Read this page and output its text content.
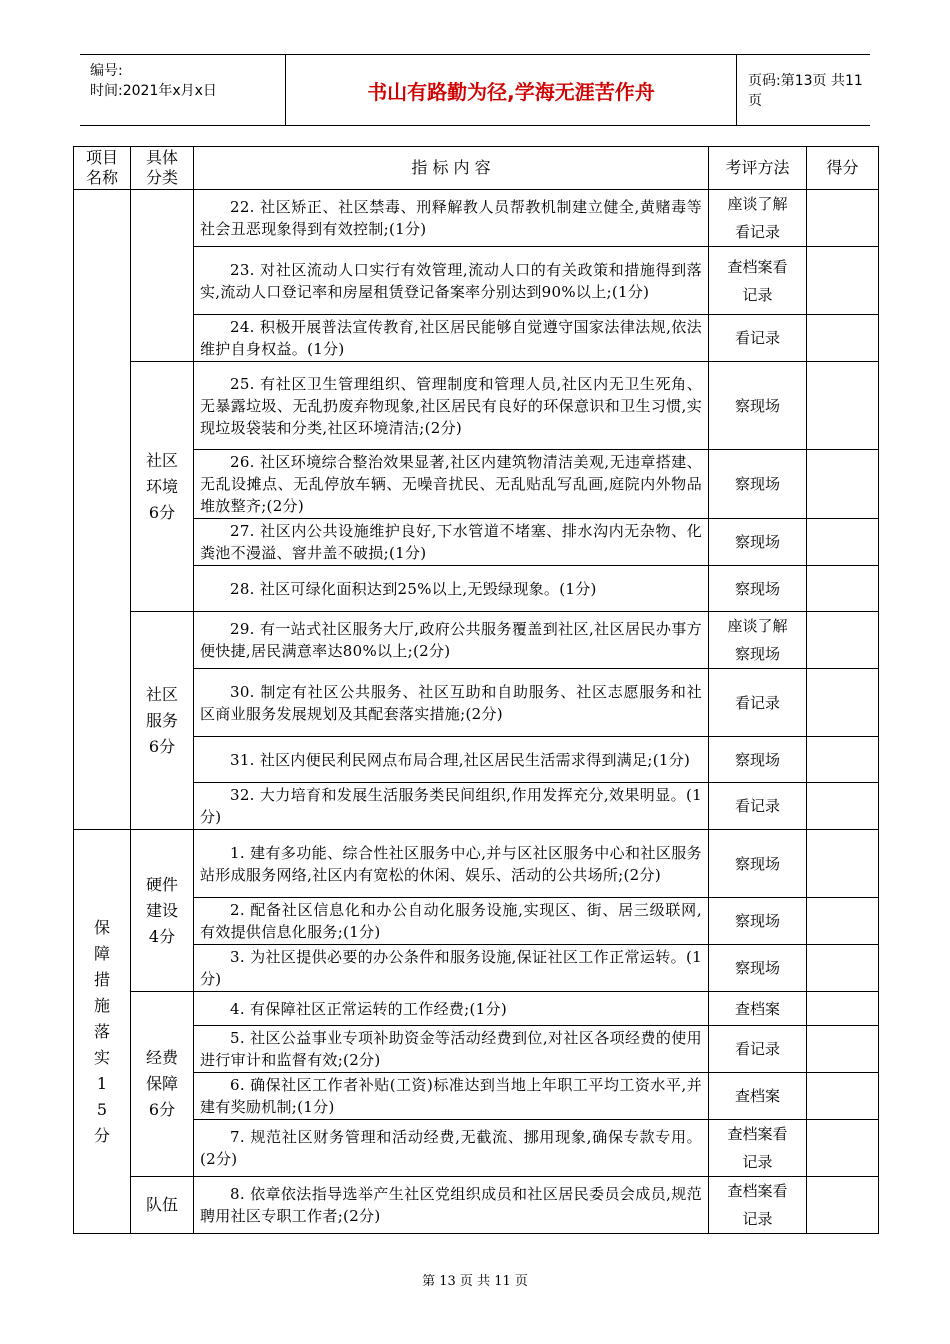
编号:
时间:2021年x月x日	书山有路勤为径,学海无涯苦作舟	页码:第13页 共11页
项目名称	具体分类	指 标 内 容	考评方法	得分
		22. 社区矫正、社区禁毒、刑释解教人员帮教机制建立健全,黄赌毒等社会丑恶现象得到有效控制;(1分)	座谈了解看记录	
		23. 对社区流动人口实行有效管理,流动人口的有关政策和措施得到落实,流动人口登记率和房屋租赁登记备案率分别达到90%以上;(1分)	查档案看记录	
		24. 积极开展普法宣传教育,社区居民能够自觉遵守国家法律法规,依法维护自身权益。(1分)	看记录	
	社区环境6分	25. 有社区卫生管理组织、管理制度和管理人员,社区内无卫生死角、无暴露垃圾、无乱扔废弃物现象,社区居民有良好的环保意识和卫生习惯,实现垃圾袋装和分类,社区环境清洁;(2分)	察现场	
		26. 社区环境综合整治效果显著,社区内建筑物清洁美观,无违章搭建、无乱设摊点、无乱停放车辆、无噪音扰民、无乱贴乱写乱画,庭院内外物品堆放整齐;(2分)	察现场	
		27. 社区内公共设施维护良好,下水管道不堵塞、排水沟内无杂物、化粪池不漫溢、窨井盖不破损;(1分)	察现场	
		28. 社区可绿化面积达到25%以上,无毁绿现象。(1分)	察现场	
	社区服务6分	29. 有一站式社区服务大厅,政府公共服务覆盖到社区,社区居民办事方便快捷,居民满意率达80%以上;(2分)	座谈了解察现场	
		30. 制定有社区公共服务、社区互助和自助服务、社区志愿服务和社区商业服务发展规划及其配套落实措施;(2分)	看记录	
		31. 社区内便民利民网点布局合理,社区居民生活需求得到满足;(1分)	察现场	
		32. 大力培育和发展生活服务类民间组织,作用发挥充分,效果明显。(1分)	看记录	

保障措施落实15分	硬件建设4分	1. 建有多功能、综合性社区服务中心,并与区社区服务中心和社区服务站形成服务网络,社区内有宽松的休闲、娱乐、活动的公共场所;(2分)	察现场	
		2. 配备社区信息化和办公自动化服务设施,实现区、街、居三级联网,有效提供信息化服务;(1分)	察现场	
		3. 为社区提供必要的办公条件和服务设施,保证社区工作正常运转。(1分)	察现场	
	经费保障6分	4. 有保障社区正常运转的工作经费;(1分)	查档案	
		5. 社区公益事业专项补助资金等活动经费到位,对社区各项经费的使用进行审计和监督有效;(2分)	看记录	
		6. 确保社区工作者补贴(工资)标准达到当地上年职工平均工资水平,并建有奖励机制;(1分)	查档案	
		7. 规范社区财务管理和活动经费,无截流、挪用现象,确保专款专用。(2分)	查档案看记录	
	队伍	8. 依章依法指导选举产生社区党组织成员和社区居民委员会成员,规范聘用社区专职工作者;(2分)	查档案看记录	
第 13 页 共 11 页
